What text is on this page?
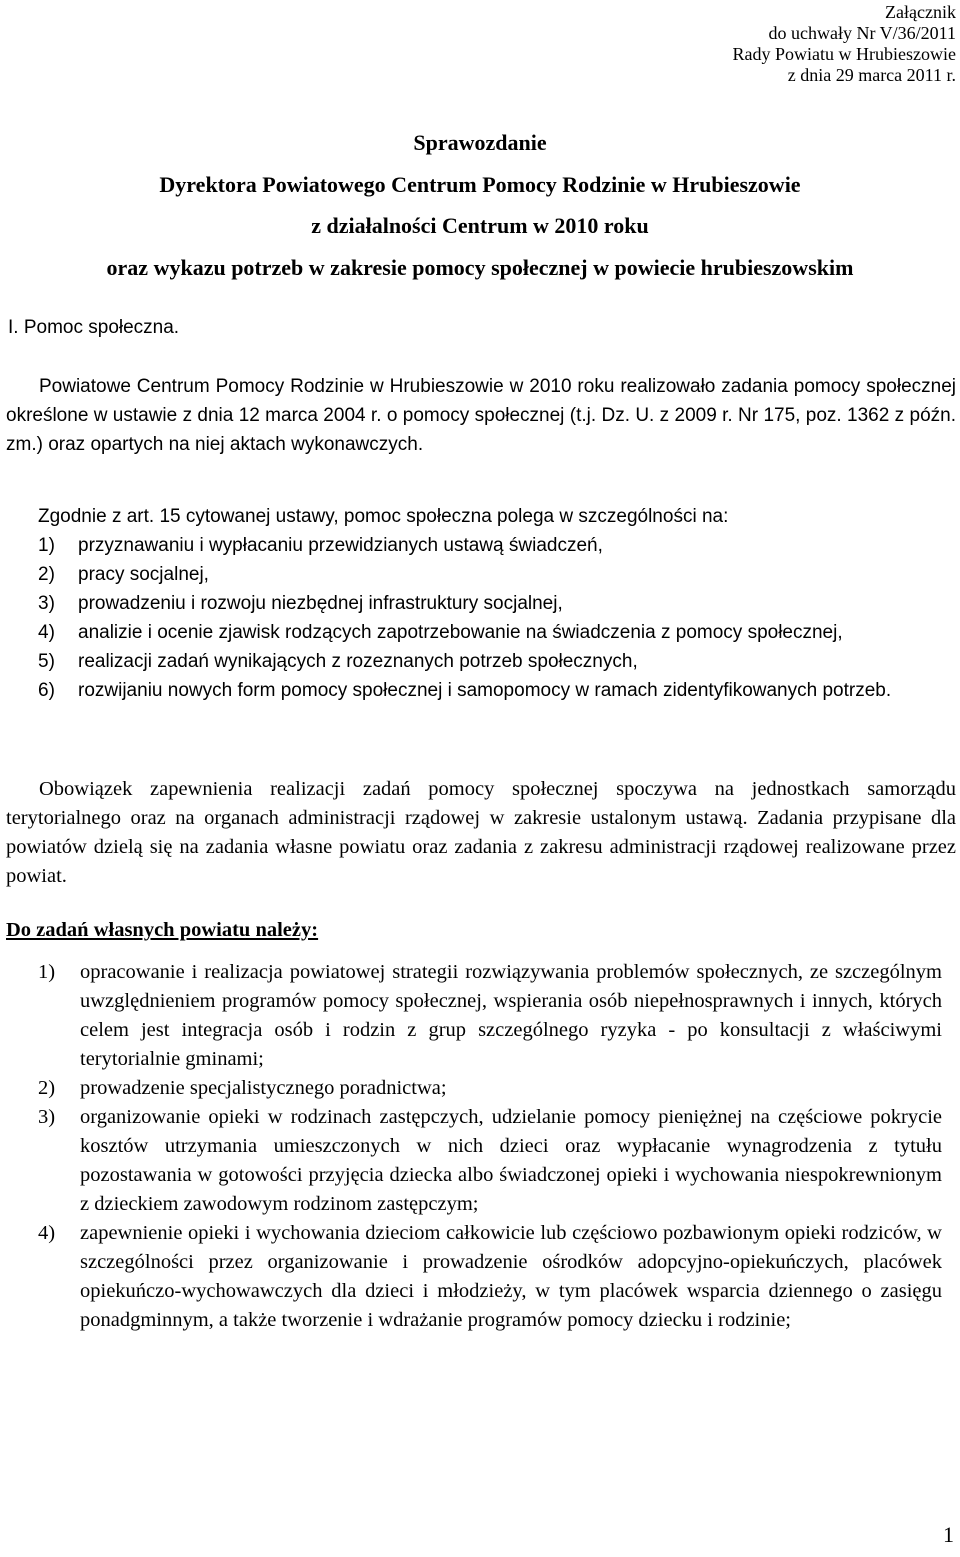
Załącznik
do uchwały Nr V/36/2011
Rady Powiatu w Hrubieszowie
z dnia 29 marca 2011 r.
Sprawozdanie
Dyrektora Powiatowego Centrum Pomocy Rodzinie w Hrubieszowie
z działalności Centrum w 2010 roku
oraz wykazu potrzeb w zakresie pomocy społecznej w powiecie hrubieszowskim
I. Pomoc społeczna.
Powiatowe Centrum Pomocy Rodzinie w Hrubieszowie w 2010 roku realizowało zadania pomocy społecznej określone w ustawie z dnia 12 marca 2004 r. o pomocy społecznej (t.j. Dz. U. z 2009 r. Nr 175, poz. 1362 z późn. zm.) oraz opartych na niej aktach wykonawczych.
Zgodnie z art. 15 cytowanej ustawy, pomoc społeczna polega w szczególności na:
1) przyznawaniu i wypłacaniu przewidzianych ustawą świadczeń,
2) pracy socjalnej,
3) prowadzeniu i rozwoju niezbędnej infrastruktury socjalnej,
4) analizie i ocenie zjawisk rodzących zapotrzebowanie na świadczenia z pomocy społecznej,
5) realizacji zadań wynikających z rozeznanych potrzeb społecznych,
6) rozwijaniu nowych form pomocy społecznej i samopomocy w ramach zidentyfikowanych potrzeb.
Obowiązek zapewnienia realizacji zadań pomocy społecznej spoczywa na jednostkach samorządu terytorialnego oraz na organach administracji rządowej w zakresie ustalonym ustawą. Zadania przypisane dla powiatów dzielą się na zadania własne powiatu oraz zadania z zakresu administracji rządowej realizowane przez powiat.
Do zadań własnych powiatu należy:
1) opracowanie i realizacja powiatowej strategii rozwiązywania problemów społecznych, ze szczególnym uwzględnieniem programów pomocy społecznej, wspierania osób niepełnosprawnych i innych, których celem jest integracja osób i rodzin z grup szczególnego ryzyka - po konsultacji z właściwymi terytorialnie gminami;
2) prowadzenie specjalistycznego poradnictwa;
3) organizowanie opieki w rodzinach zastępczych, udzielanie pomocy pieniężnej na częściowe pokrycie kosztów utrzymania umieszczonych w nich dzieci oraz wypłacanie wynagrodzenia z tytułu pozostawania w gotowości przyjęcia dziecka albo świadczonej opieki i wychowania niespokrewnionym z dzieckiem zawodowym rodzinom zastępczym;
4) zapewnienie opieki i wychowania dzieciom całkowicie lub częściowo pozbawionym opieki rodziców, w szczególności przez organizowanie i prowadzenie ośrodków adopcyjno-opiekuńczych, placówek opiekuńczo-wychowawczych dla dzieci i młodzieży, w tym placówek wsparcia dziennego o zasięgu ponadgminnym, a także tworzenie i wdrażanie programów pomocy dziecku i rodzinie;
1
